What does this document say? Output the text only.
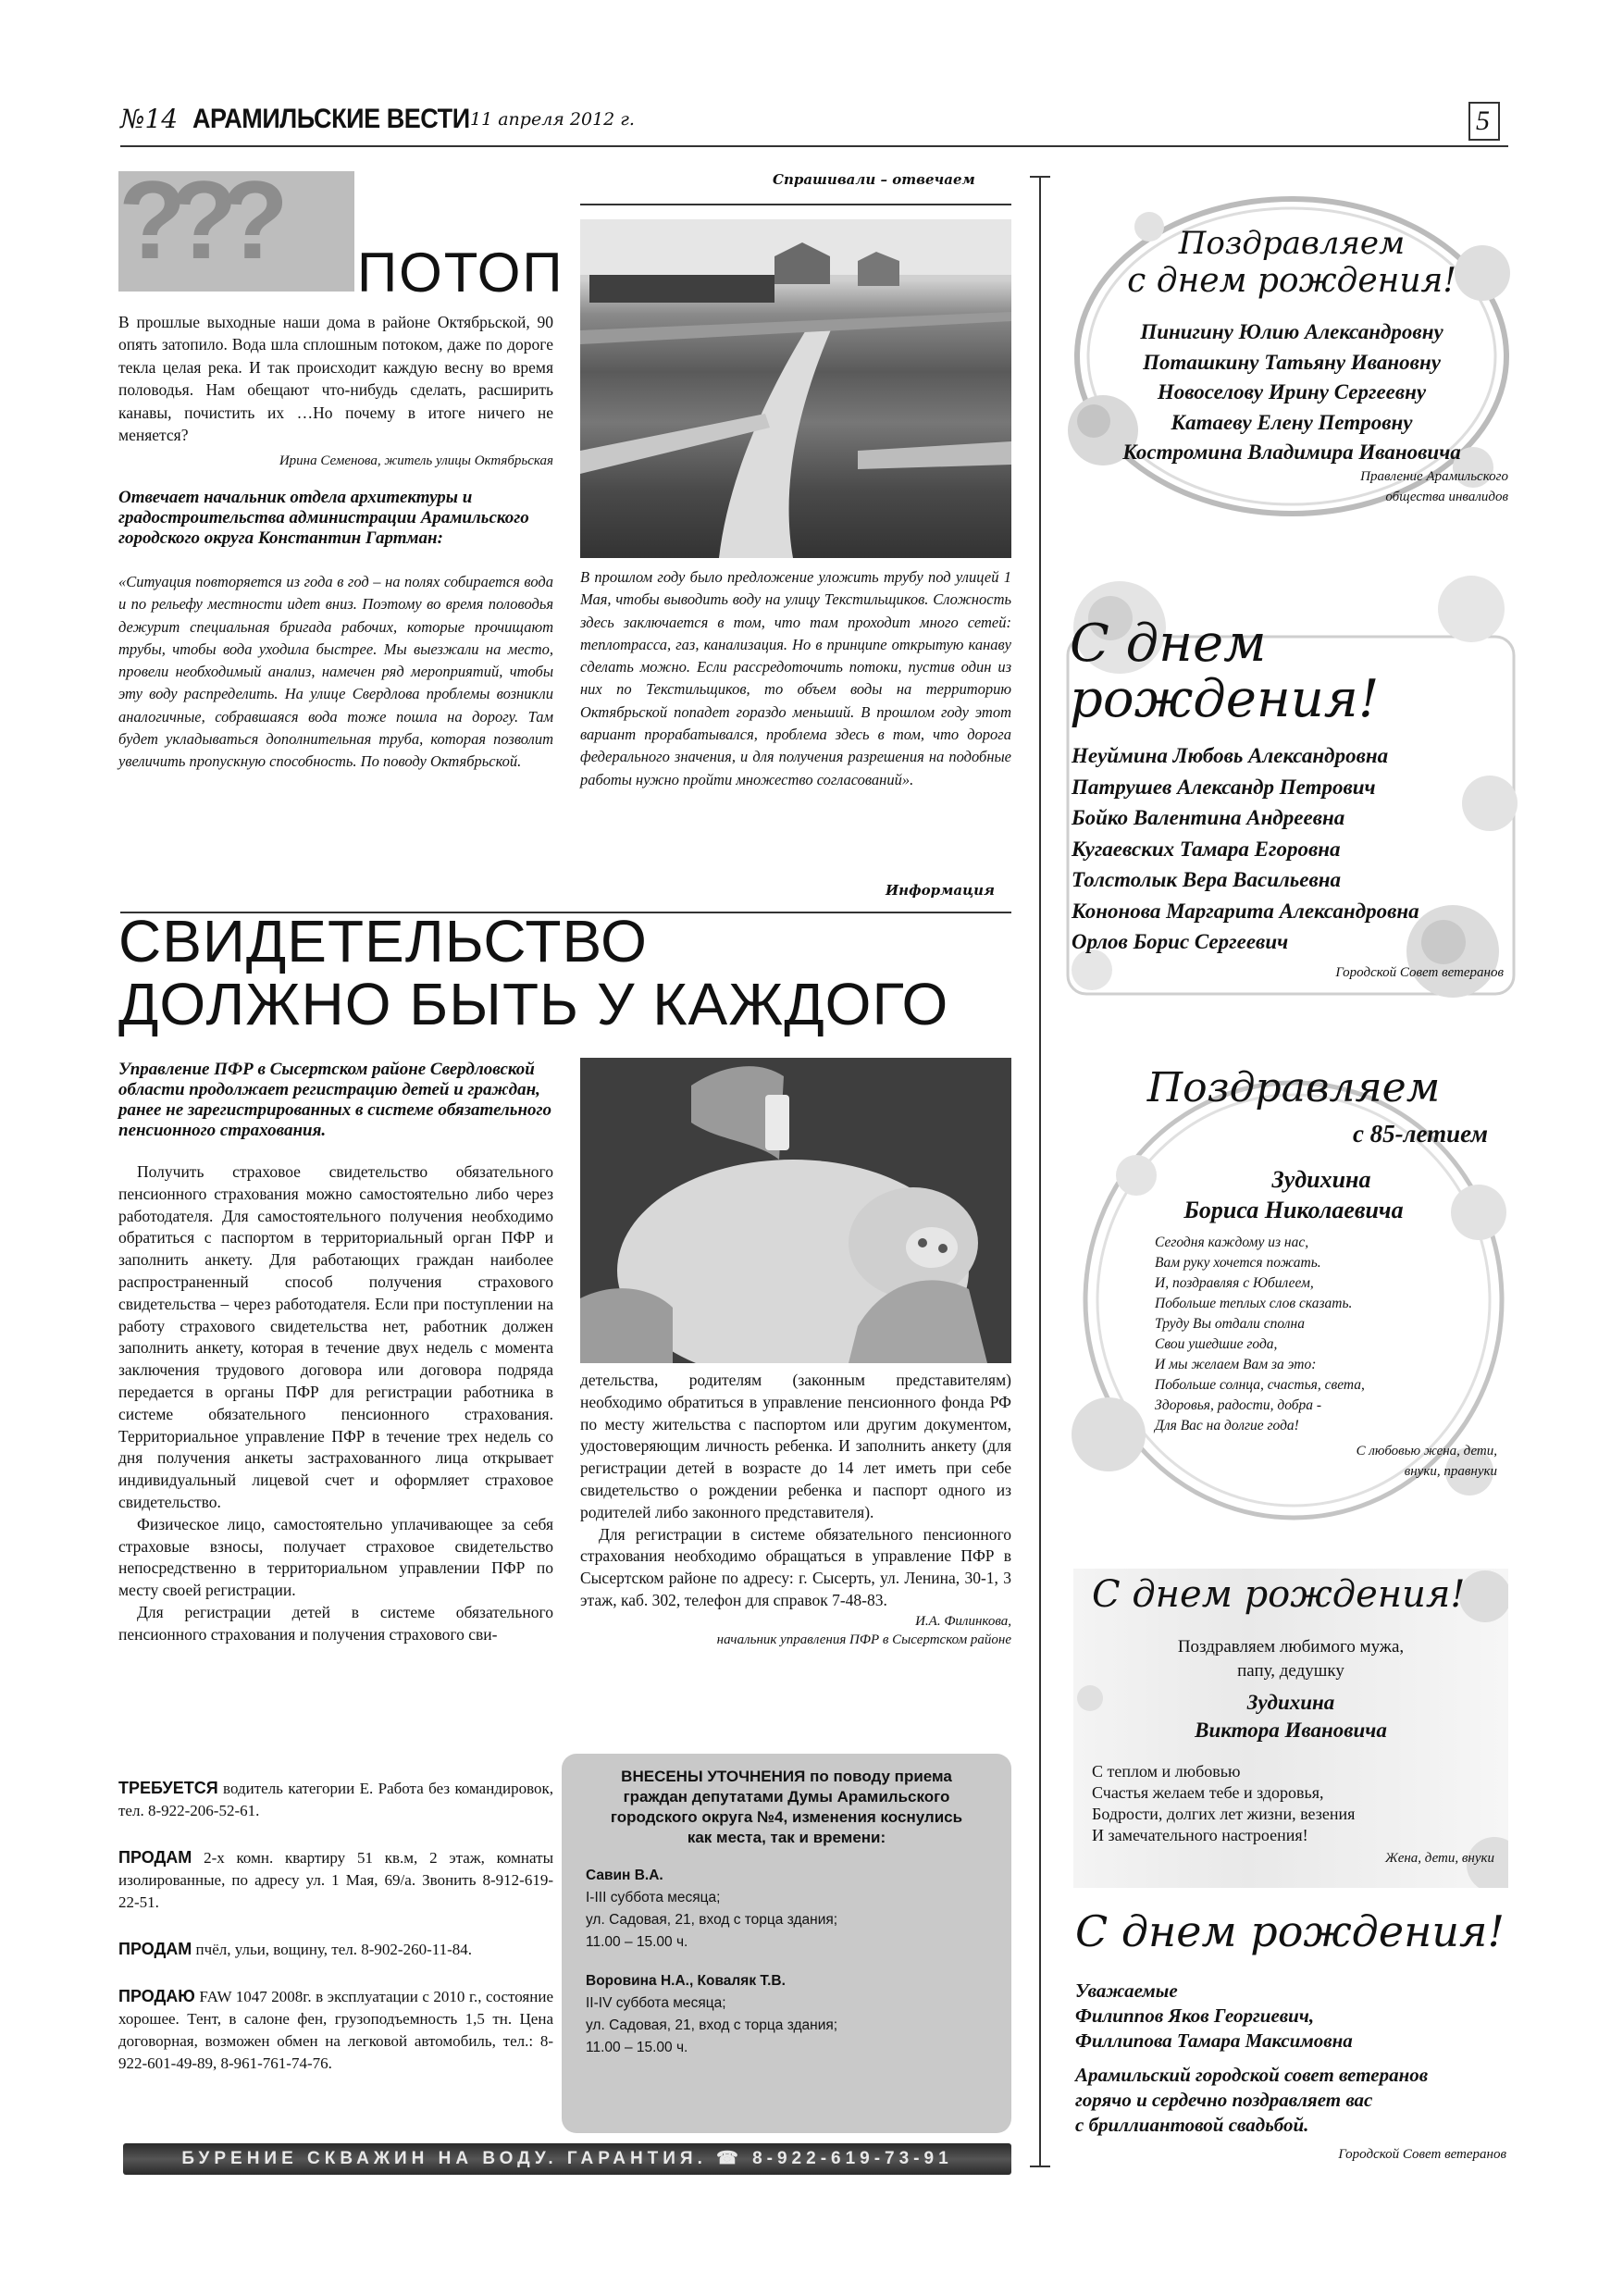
№14 АРАМИЛЬСКИЕ ВЕСТИ 11 апреля 2012 г.	5
Спрашивали – отвечаем
??? ПОТОП

В прошлые выходные наши дома в районе Октябрьской, 90 опять затопило. Вода шла сплошным потоком, даже по дороге текла целая река. И так происходит каждую весну во время половодья. Нам обещают что-нибудь сделать, расширить канавы, почистить их …Но почему в итоге ничего не меняется?

Ирина Семенова, житель улицы Октябрьская

Отвечает начальник отдела архитектуры и градостроительства администрации Арамильского городского округа Константин Гартман:

«Ситуация повторяется из года в год – на полях собирается вода и по рельефу местности идет вниз. Поэтому во время половодья дежурит специальная бригада рабочих, которые прочищают трубы, чтобы вода уходила быстрее. Мы выезжали на место, провели необходимый анализ, намечен ряд мероприятий, чтобы эту воду распределить. На улице Свердлова проблемы возникли аналогичные, собравшаяся вода тоже пошла на дорогу. Там будет укладываться дополнительная труба, которая позволит увеличить пропускную способность. По поводу Октябрьской.

В прошлом году было предложение уложить трубу под улицей 1 Мая, чтобы выводить воду на улицу Текстильщиков. Сложность здесь заключается в том, что там проходит много сетей: теплотрасса, газ, канализация. Но в принципе открытую канаву сделать можно. Если рассредоточить потоки, пустив один из них по Текстильщиков, то объем воды на территорию Октябрьской попадет гораздо меньший. В прошлом году этот вариант прорабатывался, проблема здесь в том, что дорога федерального значения, и для получения разрешения на подобные работы нужно пройти множество согласований».

Информация
СВИДЕТЕЛЬСТВО
ДОЛЖНО БЫТЬ У КАЖДОГО

Управление ПФР в Сысертском районе Свердловской области продолжает регистрацию детей и граждан, ранее не зарегистрированных в системе обязательного пенсионного страхования.

Получить страховое свидетельство обязательного пенсионного страхования можно самостоятельно либо через работодателя. Для самостоятельного получения необходимо обратиться с паспортом в территориальный орган ПФР и заполнить анкету. Для работающих граждан наиболее распространенный способ получения страхового свидетельства – через работодателя. Если при поступлении на работу страхового свидетельства нет, работник должен заполнить анкету, которая в течение двух недель с момента заключения трудового договора или договора подряда передается в органы ПФР для регистрации работника в системе обязательного пенсионного страхования. Территориальное управление ПФР в течение трех недель со дня получения анкеты застрахованного лица открывает индивидуальный лицевой счет и оформляет страховое свидетельство.

Физическое лицо, самостоятельно уплачивающее за себя страховые взносы, получает страховое свидетельство непосредственно в территориальном управлении ПФР по месту своей регистрации.

Для регистрации детей в системе обязательного пенсионного страхования и получения страхового сви-

детельства, родителям (законным представителям) необходимо обратиться в управление пенсионного фонда РФ по месту жительства с паспортом или другим документом, удостоверяющим личность ребенка. И заполнить анкету (для регистрации детей в возрасте до 14 лет иметь при себе свидетельство о рождении ребенка и паспорт одного из родителей либо законного представителя).

Для регистрации в системе обязательного пенсионного страхования необходимо обращаться в управление ПФР в Сысертском районе по адресу: г. Сысерть, ул. Ленина, 30-1, 3 этаж, каб. 302, телефон для справок 7-48-83.

И.А. Филинкова,

начальник управления ПФР в Сысертском районе

ТРЕБУЕТСЯ водитель категории Е. Работа без командировок, тел. 8-922-206-52-61.

ПРОДАМ 2-х комн. квартиру 51 кв.м, 2 этаж, комнаты изолированные, по адресу ул. 1 Мая, 69/а. Звонить 8-912-619-22-51.

ПРОДАМ пчёл, ульи, вощину, тел. 8-902-260-11-84.

ПРОДАЮ FAW 1047 2008г. в эксплуатации с 2010 г., состояние хорошее. Тент, в салоне фен, грузоподъемность 1,5 тн. Цена договорная, возможен обмен на легковой автомобиль, тел.: 8-922-601-49-89, 8-961-761-74-76.

ВНЕСЕНЫ УТОЧНЕНИЯ по поводу приема граждан депутатами Думы Арамильского городского округа №4, изменения коснулись как места, так и времени:

Савин В.А.

I-III суббота месяца;

ул. Садовая, 21, вход с торца здания;

11.00 – 15.00 ч.

Воровина Н.А., Коваляк Т.В.

II-IV суббота месяца;

ул. Садовая, 21, вход с торца здания;

11.00 – 15.00 ч.

БУРЕНИЕ СКВАЖИН НА ВОДУ. ГАРАНТИЯ. ☎ 8-922-619-73-91

Поздравляем

с днем рождения!

Пинигину Юлию Александровну

Поташкину Татьяну Ивановну

Новоселову Ирину Сергеевну

Катаеву Елену Петровну

Костромина Владимира Ивановича

Правление Арамильского

общества инвалидов

С днем

рождения!

Неуймина Любовь Александровна

Патрушев Александр Петрович

Бойко Валентина Андреевна

Кугаевских Тамара Егоровна

Толстолык Вера Васильевна

Кононова Маргарита Александровна

Орлов Борис Сергеевич

Городской Совет ветеранов

Поздравляем

с 85-летием

Зудихина

Бориса Николаевича

Сегодня каждому из нас,

Вам руку хочется пожать.

И, поздравляя с Юбилеем,

Побольше теплых слов сказать.

Труду Вы отдали сполна

Свои ушедшие года,

И мы желаем Вам за это:

Побольше солнца, счастья, света,

Здоровья, радости, добра -

Для Вас на долгие года!

С любовью жена, дети,

внуки, правнуки

С днем рождения!

Поздравляем любимого мужа,

папу, дедушку

Зудихина

Виктора Ивановича

С теплом и любовью

Счастья желаем тебе и здоровья,

Бодрости, долгих лет жизни, везения

И замечательного настроения!

Жена, дети, внуки

С днем рождения!

Уважаемые

Филиппов Яков Георгиевич,

Филлипова Тамара Максимовна

Арамильский городской совет ветеранов

горячо и сердечно поздравляет вас

с бриллиантовой свадьбой.

Городской Совет ветеранов
